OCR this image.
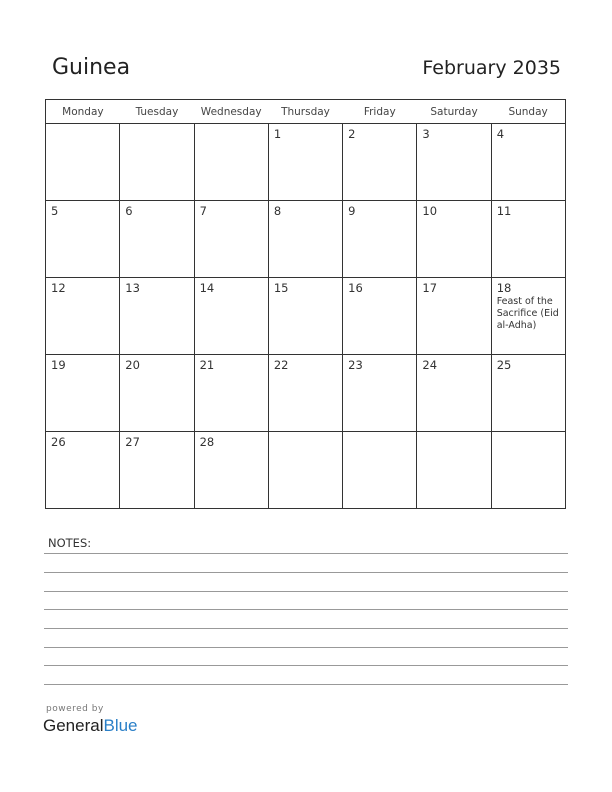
Guinea	February 2035
Monday	Tuesday	Wednesday	Thursday	Friday	Saturday	Sunday

			1	2	3	4

5	6	7	8	9	10	11

12	13	14	15	16	17	18
Feast of the Sacrifice (Eid al-Adha)

19	20	21	22	23	24	25

26	27	28				

NOTES:
powered by
GeneralBlue
